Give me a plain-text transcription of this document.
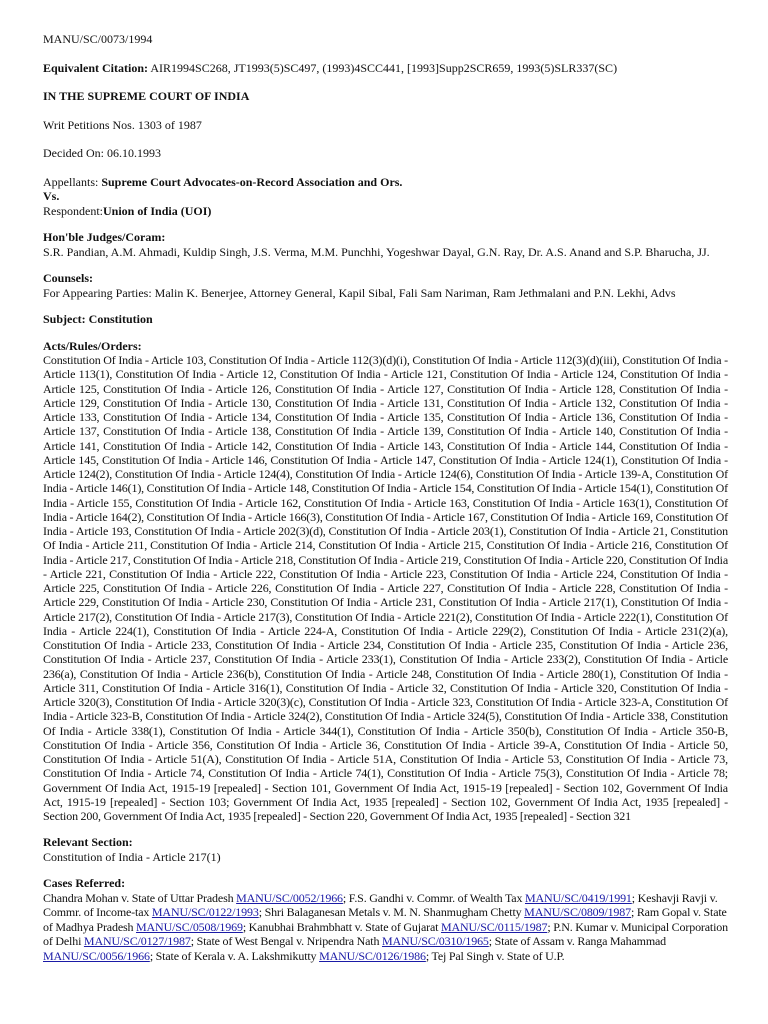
MANU/SC/0073/1994

Equivalent Citation: AIR1994SC268, JT1993(5)SC497, (1993)4SCC441, [1993]Supp2SCR659, 1993(5)SLR337(SC)

IN THE SUPREME COURT OF INDIA

Writ Petitions Nos. 1303 of 1987

Decided On: 06.10.1993

Appellants: Supreme Court Advocates-on-Record Association and Ors.

Vs.

Respondent:Union of India (UOI)

Hon'ble Judges/Coram:

S.R. Pandian, A.M. Ahmadi, Kuldip Singh, J.S. Verma, M.M. Punchhi, Yogeshwar Dayal, G.N. Ray, Dr. A.S. Anand and S.P. Bharucha, JJ.

Counsels:

For Appearing Parties: Malin K. Benerjee, Attorney General, Kapil Sibal, Fali Sam Nariman, Ram Jethmalani and P.N. Lekhi, Advs

Subject: Constitution

Acts/Rules/Orders:

Constitution Of India - Article 103, Constitution Of India - Article 112(3)(d)(i), Constitution Of India - Article 112(3)(d)(iii), Constitution Of India - Article 113(1), Constitution Of India - Article 12, Constitution Of India - Article 121, Constitution Of India - Article 124, Constitution Of India - Article 125, Constitution Of India - Article 126, Constitution Of India - Article 127, Constitution Of India - Article 128, Constitution Of India - Article 129, Constitution Of India - Article 130, Constitution Of India - Article 131, Constitution Of India - Article 132, Constitution Of India - Article 133, Constitution Of India - Article 134, Constitution Of India - Article 135, Constitution Of India - Article 136, Constitution Of India - Article 137, Constitution Of India - Article 138, Constitution Of India - Article 139, Constitution Of India - Article 140, Constitution Of India - Article 141, Constitution Of India - Article 142, Constitution Of India - Article 143, Constitution Of India - Article 144, Constitution Of India - Article 145, Constitution Of India - Article 146, Constitution Of India - Article 147, Constitution Of India - Article 124(1), Constitution Of India - Article 124(2), Constitution Of India - Article 124(4), Constitution Of India - Article 124(6), Constitution Of India - Article 139-A, Constitution Of India - Article 146(1), Constitution Of India - Article 148, Constitution Of India - Article 154, Constitution Of India - Article 154(1), Constitution Of India - Article 155, Constitution Of India - Article 162, Constitution Of India - Article 163, Constitution Of India - Article 163(1), Constitution Of India - Article 164(2), Constitution Of India - Article 166(3), Constitution Of India - Article 167, Constitution Of India - Article 169, Constitution Of India - Article 193, Constitution Of India - Article 202(3)(d), Constitution Of India - Article 203(1), Constitution Of India - Article 21, Constitution Of India - Article 211, Constitution Of India - Article 214, Constitution Of India - Article 215, Constitution Of India - Article 216, Constitution Of India - Article 217, Constitution Of India - Article 218, Constitution Of India - Article 219, Constitution Of India - Article 220, Constitution Of India - Article 221, Constitution Of India - Article 222, Constitution Of India - Article 223, Constitution Of India - Article 224, Constitution Of India - Article 225, Constitution Of India - Article 226, Constitution Of India - Article 227, Constitution Of India - Article 228, Constitution Of India - Article 229, Constitution Of India - Article 230, Constitution Of India - Article 231, Constitution Of India - Article 217(1), Constitution Of India - Article 217(2), Constitution Of India - Article 217(3), Constitution Of India - Article 221(2), Constitution Of India - Article 222(1), Constitution Of India - Article 224(1), Constitution Of India - Article 224-A, Constitution Of India - Article 229(2), Constitution Of India - Article 231(2)(a), Constitution Of India - Article 233, Constitution Of India - Article 234, Constitution Of India - Article 235, Constitution Of India - Article 236, Constitution Of India - Article 237, Constitution Of India - Article 233(1), Constitution Of India - Article 233(2), Constitution Of India - Article 236(a), Constitution Of India - Article 236(b), Constitution Of India - Article 248, Constitution Of India - Article 280(1), Constitution Of India - Article 311, Constitution Of India - Article 316(1), Constitution Of India - Article 32, Constitution Of India - Article 320, Constitution Of India - Article 320(3), Constitution Of India - Article 320(3)(c), Constitution Of India - Article 323, Constitution Of India - Article 323-A, Constitution Of India - Article 323-B, Constitution Of India - Article 324(2), Constitution Of India - Article 324(5), Constitution Of India - Article 338, Constitution Of India - Article 338(1), Constitution Of India - Article 344(1), Constitution Of India - Article 350(b), Constitution Of India - Article 350-B, Constitution Of India - Article 356, Constitution Of India - Article 36, Constitution Of India - Article 39-A, Constitution Of India - Article 50, Constitution Of India - Article 51(A), Constitution Of India - Article 51A, Constitution Of India - Article 53, Constitution Of India - Article 73, Constitution Of India - Article 74, Constitution Of India - Article 74(1), Constitution Of India - Article 75(3), Constitution Of India - Article 78; Government Of India Act, 1915-19 [repealed] - Section 101, Government Of India Act, 1915-19 [repealed] - Section 102, Government Of India Act, 1915-19 [repealed] - Section 103; Government Of India Act, 1935 [repealed] - Section 102, Government Of India Act, 1935 [repealed] - Section 200, Government Of India Act, 1935 [repealed] - Section 220, Government Of India Act, 1935 [repealed] - Section 321

Relevant Section:

Constitution of India - Article 217(1)

Cases Referred:

Chandra Mohan v. State of Uttar Pradesh MANU/SC/0052/1966; F.S. Gandhi v. Commr. of Wealth Tax MANU/SC/0419/1991; Keshavji Ravji v. Commr. of Income-tax MANU/SC/0122/1993; Shri Balaganesan Metals v. M. N. Shanmugham Chetty MANU/SC/0809/1987; Ram Gopal v. State of Madhya Pradesh MANU/SC/0508/1969; Kanubhai Brahmbhatt v. State of Gujarat MANU/SC/0115/1987; P.N. Kumar v. Municipal Corporation of Delhi MANU/SC/0127/1987; State of West Bengal v. Nripendra Nath MANU/SC/0310/1965; State of Assam v. Ranga Mahammad MANU/SC/0056/1966; State of Kerala v. A. Lakshmikutty MANU/SC/0126/1986; Tej Pal Singh v. State of U.P.
